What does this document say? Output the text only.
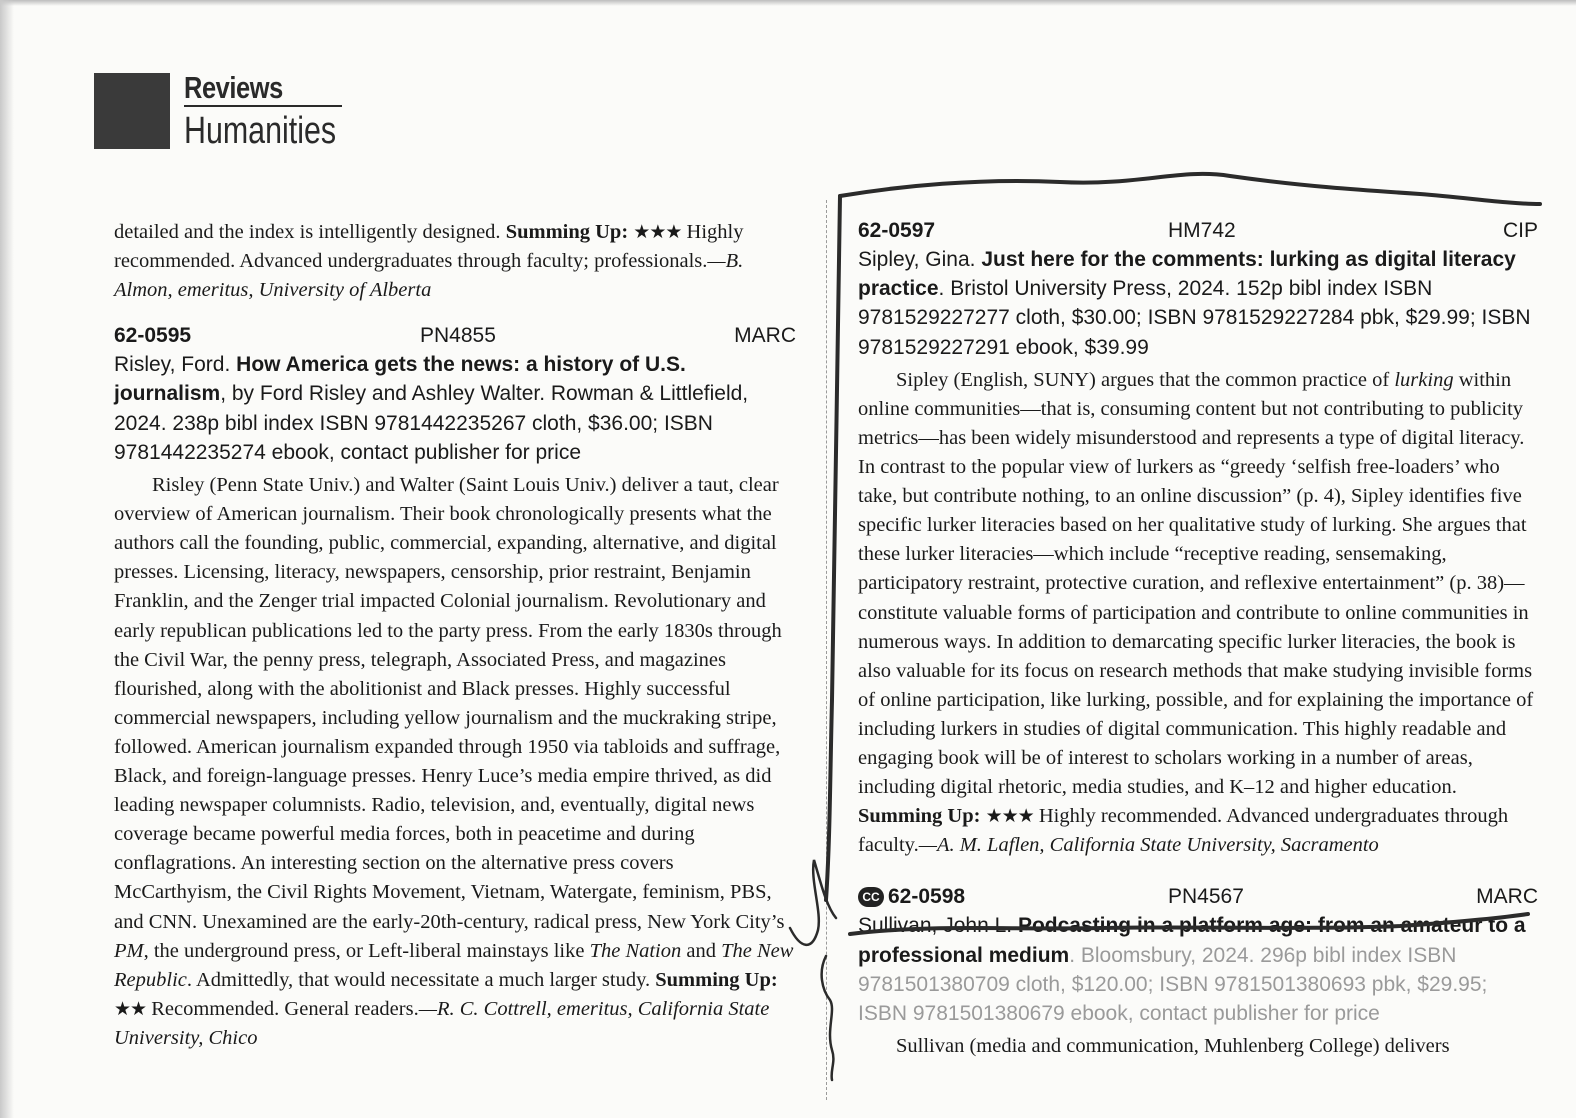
Reviews
Humanities

detailed and the index is intelligently designed. Summing Up: ★★★ Highly recommended. Advanced undergraduates through faculty; professionals.—B. Almon, emeritus, University of Alberta

62-0595	PN4855	MARC

Risley, Ford. How America gets the news: a history of U.S. journalism, by Ford Risley and Ashley Walter. Rowman & Littlefield, 2024. 238p bibl index ISBN 9781442235267 cloth, $36.00; ISBN 9781442235274 ebook, contact publisher for price

Risley (Penn State Univ.) and Walter (Saint Louis Univ.) deliver a taut, clear overview of American journalism. Their book chronologically presents what the authors call the founding, public, commercial, expanding, alternative, and digital presses. Licensing, literacy, newspapers, censorship, prior restraint, Benjamin Franklin, and the Zenger trial impacted Colonial journalism. Revolutionary and early republican publications led to the party press. From the early 1830s through the Civil War, the penny press, telegraph, Associated Press, and magazines flourished, along with the abolitionist and Black presses. Highly successful commercial newspapers, including yellow journalism and the muckraking stripe, followed. American journalism expanded through 1950 via tabloids and suffrage, Black, and foreign-language presses. Henry Luce’s media empire thrived, as did leading newspaper columnists. Radio, television, and, eventually, digital news coverage became powerful media forces, both in peacetime and during conflagrations. An interesting section on the alternative press covers McCarthyism, the Civil Rights Movement, Vietnam, Watergate, feminism, PBS, and CNN. Unexamined are the early-20th-century, radical press, New York City’s PM, the underground press, or Left-liberal mainstays like The Nation and The New Republic. Admittedly, that would necessitate a much larger study. Summing Up: ★★ Recommended. General readers.—R. C. Cottrell, emeritus, California State University, Chico

62-0597	HM742	CIP

Sipley, Gina. Just here for the comments: lurking as digital literacy practice. Bristol University Press, 2024. 152p bibl index ISBN 9781529227277 cloth, $30.00; ISBN 9781529227284 pbk, $29.99; ISBN 9781529227291 ebook, $39.99

Sipley (English, SUNY) argues that the common practice of lurking within online communities—that is, consuming content but not contributing to publicity metrics—has been widely misunderstood and represents a type of digital literacy. In contrast to the popular view of lurkers as “greedy ‘selfish free-loaders’ who take, but contribute nothing, to an online discussion” (p. 4), Sipley identifies five specific lurker literacies based on her qualitative study of lurking. She argues that these lurker literacies—which include “receptive reading, sensemaking, participatory restraint, protective curation, and reflexive entertainment” (p. 38)—constitute valuable forms of participation and contribute to online communities in numerous ways. In addition to demarcating specific lurker literacies, the book is also valuable for its focus on research methods that make studying invisible forms of online participation, like lurking, possible, and for explaining the importance of including lurkers in studies of digital communication. This highly readable and engaging book will be of interest to scholars working in a number of areas, including digital rhetoric, media studies, and K–12 and higher education. Summing Up: ★★★ Highly recommended. Advanced undergraduates through faculty.—A. M. Laflen, California State University, Sacramento

CC 62-0598	PN4567	MARC

Sullivan, John L. Podcasting in a platform age: from an amateur to a professional medium. Bloomsbury, 2024. 296p bibl index ISBN 9781501380709 cloth, $120.00; ISBN 9781501380693 pbk, $29.95; ISBN 9781501380679 ebook, contact publisher for price

Sullivan (media and communication, Muhlenberg College) delivers
